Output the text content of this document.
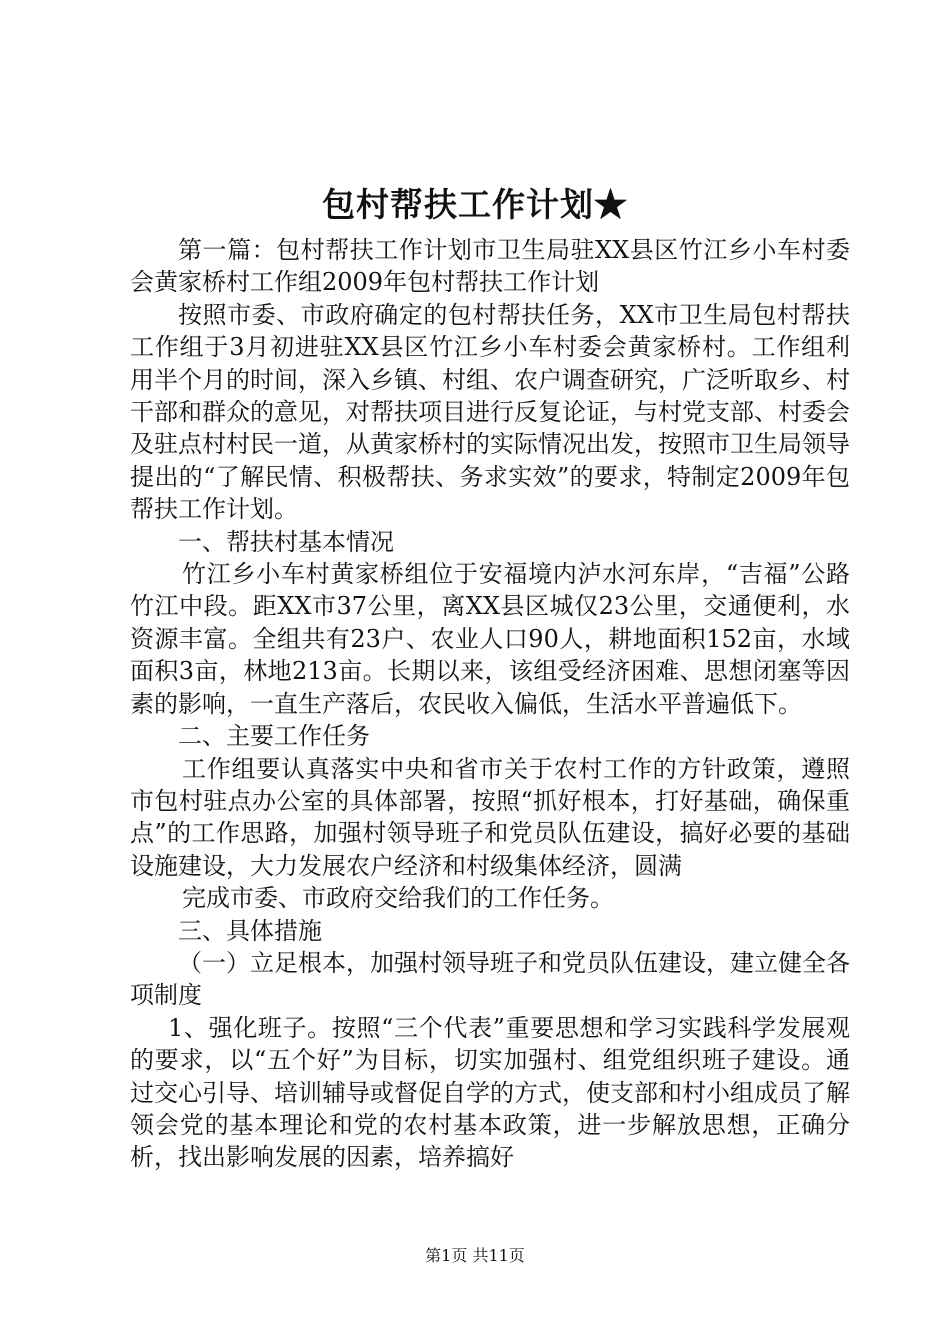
包村帮扶工作计划★

第一篇：包村帮扶工作计划市卫生局驻XX县区竹江乡小车村委会黄家桥村工作组2009年包村帮扶工作计划

按照市委、市政府确定的包村帮扶任务，XX市卫生局包村帮扶工作组于3月初进驻XX县区竹江乡小车村委会黄家桥村。工作组利用半个月的时间，深入乡镇、村组、农户调查研究，广泛听取乡、村干部和群众的意见，对帮扶项目进行反复论证，与村党支部、村委会及驻点村村民一道，从黄家桥村的实际情况出发，按照市卫生局领导提出的“了解民情、积极帮扶、务求实效”的要求，特制定2009年包帮扶工作计划。

一、帮扶村基本情况

竹江乡小车村黄家桥组位于安福境内泸水河东岸，“吉福”公路竹江中段。距XX市37公里，离XX县区城仅23公里，交通便利，水资源丰富。全组共有23户、农业人口90人，耕地面积152亩，水域面积3亩，林地213亩。长期以来，该组受经济困难、思想闭塞等因素的影响，一直生产落后，农民收入偏低，生活水平普遍低下。

二、主要工作任务

工作组要认真落实中央和省市关于农村工作的方针政策，遵照市包村驻点办公室的具体部署，按照“抓好根本，打好基础，确保重点”的工作思路，加强村领导班子和党员队伍建设，搞好必要的基础设施建设，大力发展农户经济和村级集体经济，圆满

完成市委、市政府交给我们的工作任务。

三、具体措施

（一）立足根本，加强村领导班子和党员队伍建设，建立健全各项制度

1、强化班子。按照“三个代表”重要思想和学习实践科学发展观的要求，以“五个好”为目标，切实加强村、组党组织班子建设。通过交心引导、培训辅导或督促自学的方式，使支部和村小组成员了解领会党的基本理论和党的农村基本政策，进一步解放思想，正确分析，找出影响发展的因素，培养搞好

第1页 共11页
